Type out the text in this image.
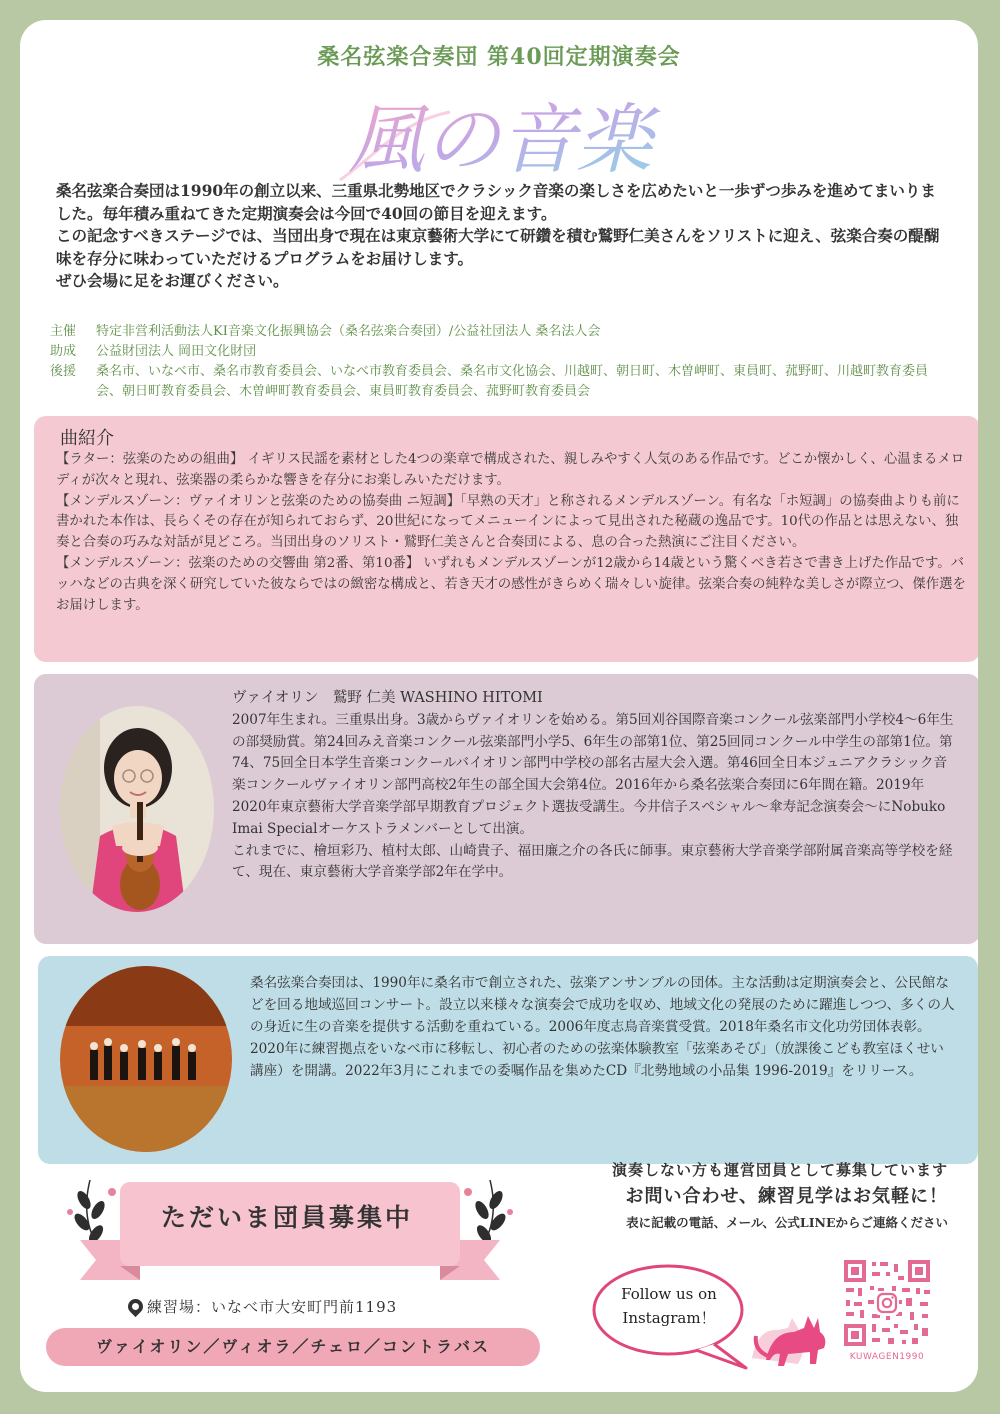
桑名弦楽合奏団 第40回定期演奏会
風の音楽

桑名弦楽合奏団は1990年の創立以来、三重県北勢地区でクラシック音楽の楽しさを広めたいと一歩ずつ歩みを進めてまいりました。毎年積み重ねてきた定期演奏会は今回で40回の節目を迎えます。

この記念すべきステージでは、当団出身で現在は東京藝術大学にて研鑽を積む鷲野仁美さんをソリストに迎え、弦楽合奏の醍醐味を存分に味わっていただけるプログラムをお届けします。

ぜひ会場に足をお運びください。

主催	特定非営利活動法人KI音楽文化振興協会（桑名弦楽合奏団）/公益社団法人 桑名法人会
助成	公益財団法人 岡田文化財団
後援	桑名市、いなべ市、桑名市教育委員会、いなべ市教育委員会、桑名市文化協会、川越町、朝日町、木曽岬町、東員町、菰野町、川越町教育委員会、朝日町教育委員会、木曽岬町教育委員会、東員町教育委員会、菰野町教育委員会
曲紹介

【ラター：弦楽のための組曲】 イギリス民謡を素材とした4つの楽章で構成された、親しみやすく人気のある作品です。どこか懐かしく、心温まるメロディが次々と現れ、弦楽器の柔らかな響きを存分にお楽しみいただけます。

【メンデルスゾーン：ヴァイオリンと弦楽のための協奏曲 ニ短調】「早熟の天才」と称されるメンデルスゾーン。有名な「ホ短調」の協奏曲よりも前に書かれた本作は、長らくその存在が知られておらず、20世紀になってメニューインによって見出された秘蔵の逸品です。10代の作品とは思えない、独奏と合奏の巧みな対話が見どころ。当団出身のソリスト・鷲野仁美さんと合奏団による、息の合った熱演にご注目ください。

【メンデルスゾーン：弦楽のための交響曲 第2番、第10番】 いずれもメンデルスゾーンが12歳から14歳という驚くべき若さで書き上げた作品です。バッハなどの古典を深く研究していた彼ならではの緻密な構成と、若き天才の感性がきらめく瑞々しい旋律。弦楽合奏の純粋な美しさが際立つ、傑作選をお届けします。

ヴァイオリン　鷲野 仁美 WASHINO HITOMI
2007年生まれ。三重県出身。3歳からヴァイオリンを始める。第5回刈谷国際音楽コンクール弦楽部門小学校4～6年生の部奨励賞。第24回みえ音楽コンクール弦楽部門小学5、6年生の部第1位、第25回同コンクール中学生の部第1位。第74、75回全日本学生音楽コンクールバイオリン部門中学校の部名古屋大会入選。第46回全日本ジュニアクラシック音楽コンクールヴァイオリン部門高校2年生の部全国大会第4位。2016年から桑名弦楽合奏団に6年間在籍。2019年2020年東京藝術大学音楽学部早期教育プロジェクト選抜受講生。今井信子スペシャル～傘寿記念演奏会～にNobuko Imai Specialオーケストラメンバーとして出演。
これまでに、檜垣彩乃、植村太郎、山崎貴子、福田廉之介の各氏に師事。東京藝術大学音楽学部附属音楽高等学校を経て、現在、東京藝術大学音楽学部2年在学中。
桑名弦楽合奏団は、1990年に桑名市で創立された、弦楽アンサンブルの団体。主な活動は定期演奏会と、公民館などを回る地域巡回コンサート。設立以来様々な演奏会で成功を収め、地域文化の発展のために躍進しつつ、多くの人の身近に生の音楽を提供する活動を重ねている。2006年度志鳥音楽賞受賞。2018年桑名市文化功労団体表彰。2020年に練習拠点をいなべ市に移転し、初心者のための弦楽体験教室「弦楽あそび」（放課後こども教室ほくせい講座）を開講。2022年3月にこれまでの委嘱作品を集めたCD『北勢地域の小品集 1996-2019』をリリース。
ただいま団員募集中
練習場：いなべ市大安町門前1193
ヴァイオリン／ヴィオラ／チェロ／コントラバス
演奏しない方も運営団員として募集しています
お問い合わせ、練習見学はお気軽に！
表に記載の電話、メール、公式LINEからご連絡ください
Follow us on
Instagram！
KUWAGEN1990
